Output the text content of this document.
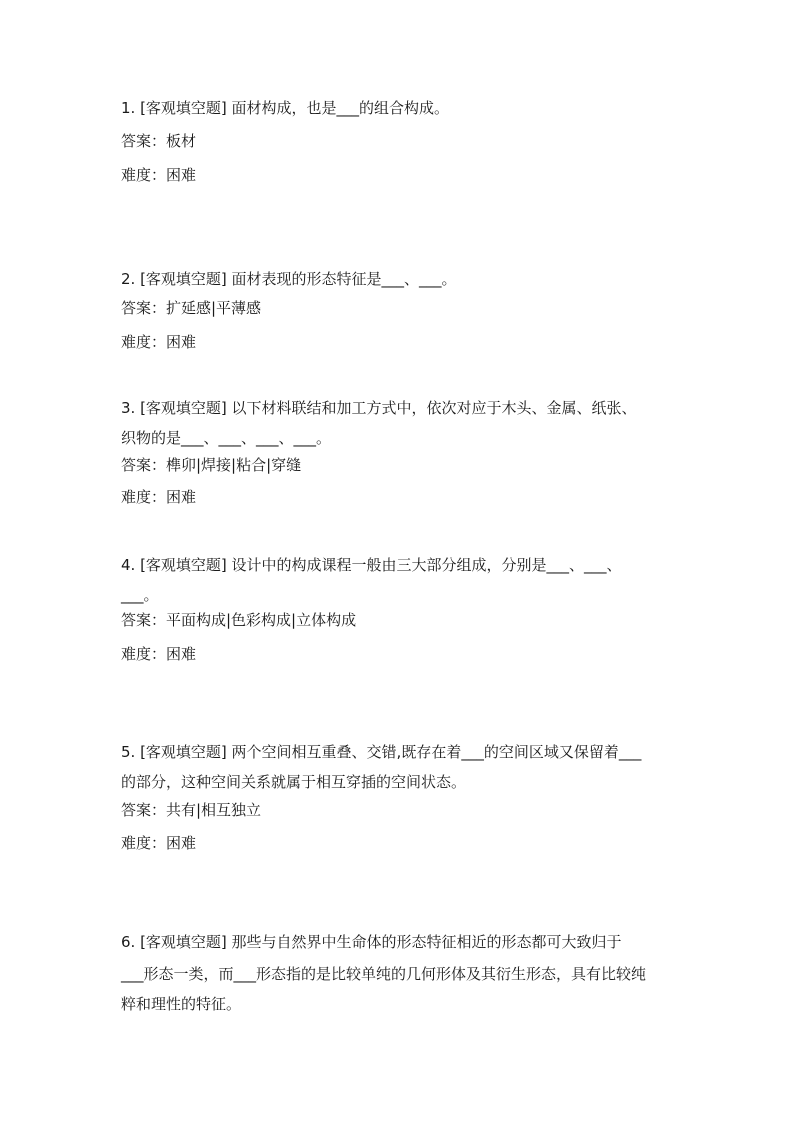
1. [客观填空题] 面材构成，也是___的组合构成。
答案：板材
难度：困难
2. [客观填空题] 面材表现的形态特征是___、___。
答案：扩延感|平薄感
难度：困难
3. [客观填空题] 以下材料联结和加工方式中，依次对应于木头、金属、纸张、
织物的是___、___、___、___。
答案：榫卯|焊接|粘合|穿缝
难度：困难
4. [客观填空题] 设计中的构成课程一般由三大部分组成，分别是___、___、
___。
答案：平面构成|色彩构成|立体构成
难度：困难
5. [客观填空题] 两个空间相互重叠、交错,既存在着___的空间区域又保留着___
的部分，这种空间关系就属于相互穿插的空间状态。
答案：共有|相互独立
难度：困难
6. [客观填空题] 那些与自然界中生命体的形态特征相近的形态都可大致归于
___形态一类，而___形态指的是比较单纯的几何形体及其衍生形态，具有比较纯
粹和理性的特征。
